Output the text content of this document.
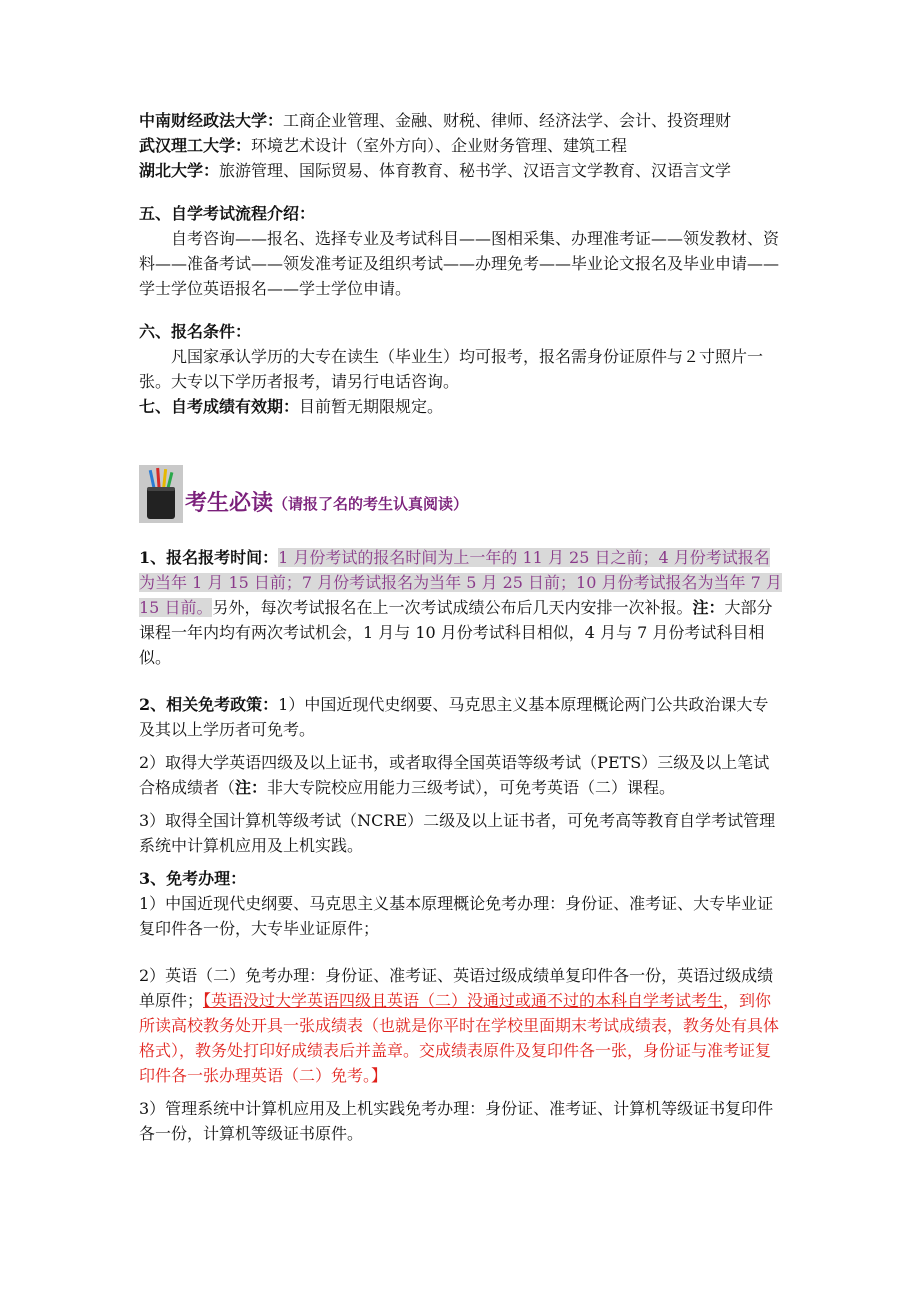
中南财经政法大学：工商企业管理、金融、财税、律师、经济法学、会计、投资理财
武汉理工大学：环境艺术设计（室外方向）、企业财务管理、建筑工程
湖北大学：旅游管理、国际贸易、体育教育、秘书学、汉语言文学教育、汉语言文学
五、自学考试流程介绍：

自考咨询——报名、选择专业及考试科目——图相采集、办理准考证——领发教材、资料——准备考试——领发准考证及组织考试——办理免考——毕业论文报名及毕业申请——学士学位英语报名——学士学位申请。

六、报名条件：

凡国家承认学历的大专在读生（毕业生）均可报考，报名需身份证原件与２寸照片一张。大专以下学历者报考，请另行电话咨询。

七、自考成绩有效期：目前暂无期限规定。

考生必读 （请报了名的考生认真阅读）

1、报名报考时间：1 月份考试的报名时间为上一年的 11 月 25 日之前；4 月份考试报名为当年 1 月 15 日前；7 月份考试报名为当年 5 月 25 日前；10 月份考试报名为当年 7 月 15 日前。另外，每次考试报名在上一次考试成绩公布后几天内安排一次补报。注：大部分课程一年内均有两次考试机会，1 月与 10 月份考试科目相似，4 月与 7 月份考试科目相似。

2、相关免考政策：1）中国近现代史纲要、马克思主义基本原理概论两门公共政治课大专及其以上学历者可免考。

2）取得大学英语四级及以上证书，或者取得全国英语等级考试（PETS）三级及以上笔试合格成绩者（注：非大专院校应用能力三级考试），可免考英语（二）课程。

3）取得全国计算机等级考试（NCRE）二级及以上证书者，可免考高等教育自学考试管理系统中计算机应用及上机实践。

3、免考办理：

1）中国近现代史纲要、马克思主义基本原理概论免考办理：身份证、准考证、大专毕业证复印件各一份，大专毕业证原件；

2）英语（二）免考办理：身份证、准考证、英语过级成绩单复印件各一份，英语过级成绩单原件；【英语没过大学英语四级且英语（二）没通过或通不过的本科自学考试考生，到你所读高校教务处开具一张成绩表（也就是你平时在学校里面期末考试成绩表，教务处有具体格式），教务处打印好成绩表后并盖章。交成绩表原件及复印件各一张，身份证与准考证复印件各一张办理英语（二）免考。】

3）管理系统中计算机应用及上机实践免考办理：身份证、准考证、计算机等级证书复印件各一份，计算机等级证书原件。
